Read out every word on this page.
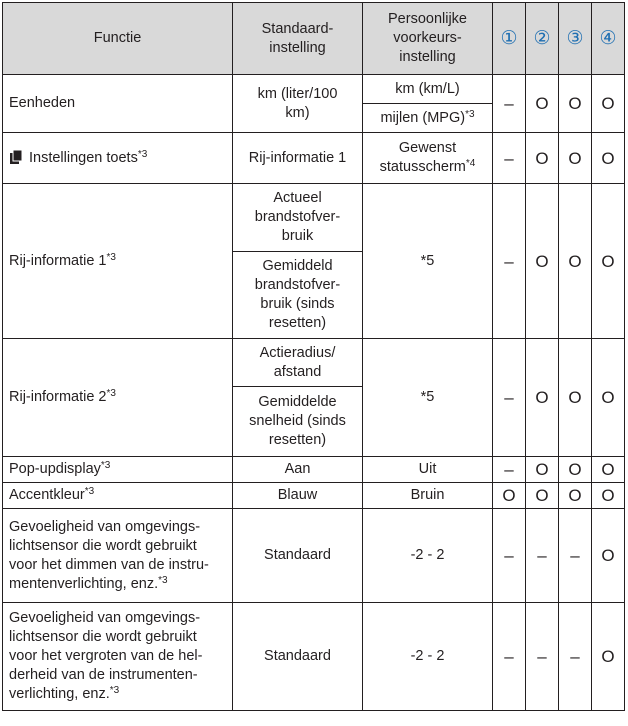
Functie	Standaard-instelling	Persoonlijke voorkeurs-instelling	①	②	③	④
Eenheden	km (liter/100 km)	km (km/L)	–	O	O	O
		mijlen (MPG)$^{*3}$
Instellingen toets$^{*3}$	Rij-informatie 1	Gewenst statusscherm$^{*4}$	–	O	O	O
Rij-informatie 1$^{*3}$	Actueel brandstofver-bruik	*5	–	O	O	O

	Gemiddeld brandstofver-bruik (sinds resetten)					

Rij-informatie 2$^{*3}$	Actieradius/ afstand	*5	–	O	O	O

	Gemiddelde snelheid (sinds resetten)					

Pop-updisplay$^{*3}$	Aan	Uit	–	O	O	O
Accentkleur$^{*3}$	Blauw	Bruin	O	O	O	O

Gevoeligheid van omgevings-lichtsensor die wordt gebruikt voor het dimmen van de instru-mentenverlichting, enz.$^{*3}$	Standaard	-2 - 2	–	–	–	O

Gevoeligheid van omgevings-lichtsensor die wordt gebruikt voor het vergroten van de hel-derheid van de instrumenten-verlichting, enz.$^{*3}$	Standaard	-2 - 2	–	–	–	O
